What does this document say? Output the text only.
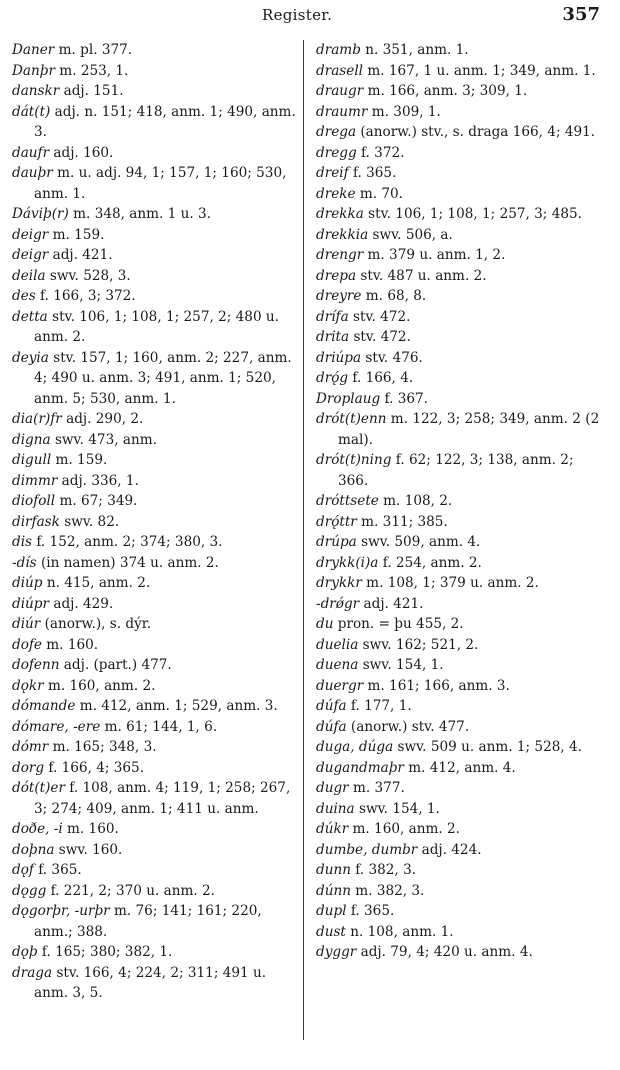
Register.	357

Daner m. pl. 377.

Danþr m. 253, 1.

danskr adj. 151.

dát(t) adj. n. 151; 418, anm. 1; 490, anm. 3.

daufr adj. 160.

dauþr m. u. adj. 94, 1; 157, 1; 160; 530, anm. 1.

Dáviþ(r) m. 348, anm. 1 u. 3.

deigr m. 159.

deigr adj. 421.

deila swv. 528, 3.

des f. 166, 3; 372.

detta stv. 106, 1; 108, 1; 257, 2; 480 u. anm. 2.

deyia stv. 157, 1; 160, anm. 2; 227, anm. 4; 490 u. anm. 3; 491, anm. 1; 520, anm. 5; 530, anm. 1.

dia(r)fr adj. 290, 2.

digna swv. 473, anm.

digull m. 159.

dimmr adj. 336, 1.

diofoll m. 67; 349.

dirfask swv. 82.

dis f. 152, anm. 2; 374; 380, 3.

-dís (in namen) 374 u. anm. 2.

diúp n. 415, anm. 2.

diúpr adj. 429.

diúr (anorw.), s. dýr.

dofe m. 160.

dofenn adj. (part.) 477.

dǫkr m. 160, anm. 2.

dómande m. 412, anm. 1; 529, anm. 3.

dómare, -ere m. 61; 144, 1, 6.

dómr m. 165; 348, 3.

dorg f. 166, 4; 365.

dót(t)er f. 108, anm. 4; 119, 1; 258; 267, 3; 274; 409, anm. 1; 411 u. anm.

doðe, -i m. 160.

doþna swv. 160.

dǫf f. 365.

dǫgg f. 221, 2; 370 u. anm. 2.

dǫgorþr, -urþr m. 76; 141; 161; 220, anm.; 388.

dǫþ f. 165; 380; 382, 1.

draga stv. 166, 4; 224, 2; 311; 491 u. anm. 3, 5.

dramb n. 351, anm. 1.

drasell m. 167, 1 u. anm. 1; 349, anm. 1.

draugr m. 166, anm. 3; 309, 1.

draumr m. 309, 1.

drega (anorw.) stv., s. draga 166, 4; 491.

dregg f. 372.

dreif f. 365.

dreke m. 70.

drekka stv. 106, 1; 108, 1; 257, 3; 485.

drekkia swv. 506, a.

drengr m. 379 u. anm. 1, 2.

drepa stv. 487 u. anm. 2.

dreyre m. 68, 8.

drífa stv. 472.

drita stv. 472.

driúpa stv. 476.

drǫ́g f. 166, 4.

Droplaug f. 367.

drót(t)enn m. 122, 3; 258; 349, anm. 2 (2 mal).

drót(t)ning f. 62; 122, 3; 138, anm. 2; 366.

dróttsete m. 108, 2.

drǫ́ttr m. 311; 385.

drúpa swv. 509, anm. 4.

drykk(i)a f. 254, anm. 2.

drykkr m. 108, 1; 379 u. anm. 2.

-drǿgr adj. 421.

du pron. = þu 455, 2.

duelia swv. 162; 521, 2.

duena swv. 154, 1.

duergr m. 161; 166, anm. 3.

dúfa f. 177, 1.

dúfa (anorw.) stv. 477.

duga, dúga swv. 509 u. anm. 1; 528, 4.

dugandmaþr m. 412, anm. 4.

dugr m. 377.

duina swv. 154, 1.

dúkr m. 160, anm. 2.

dumbe, dumbr adj. 424.

dunn f. 382, 3.

dúnn m. 382, 3.

dupl f. 365.

dust n. 108, anm. 1.

dyggr adj. 79, 4; 420 u. anm. 4.
